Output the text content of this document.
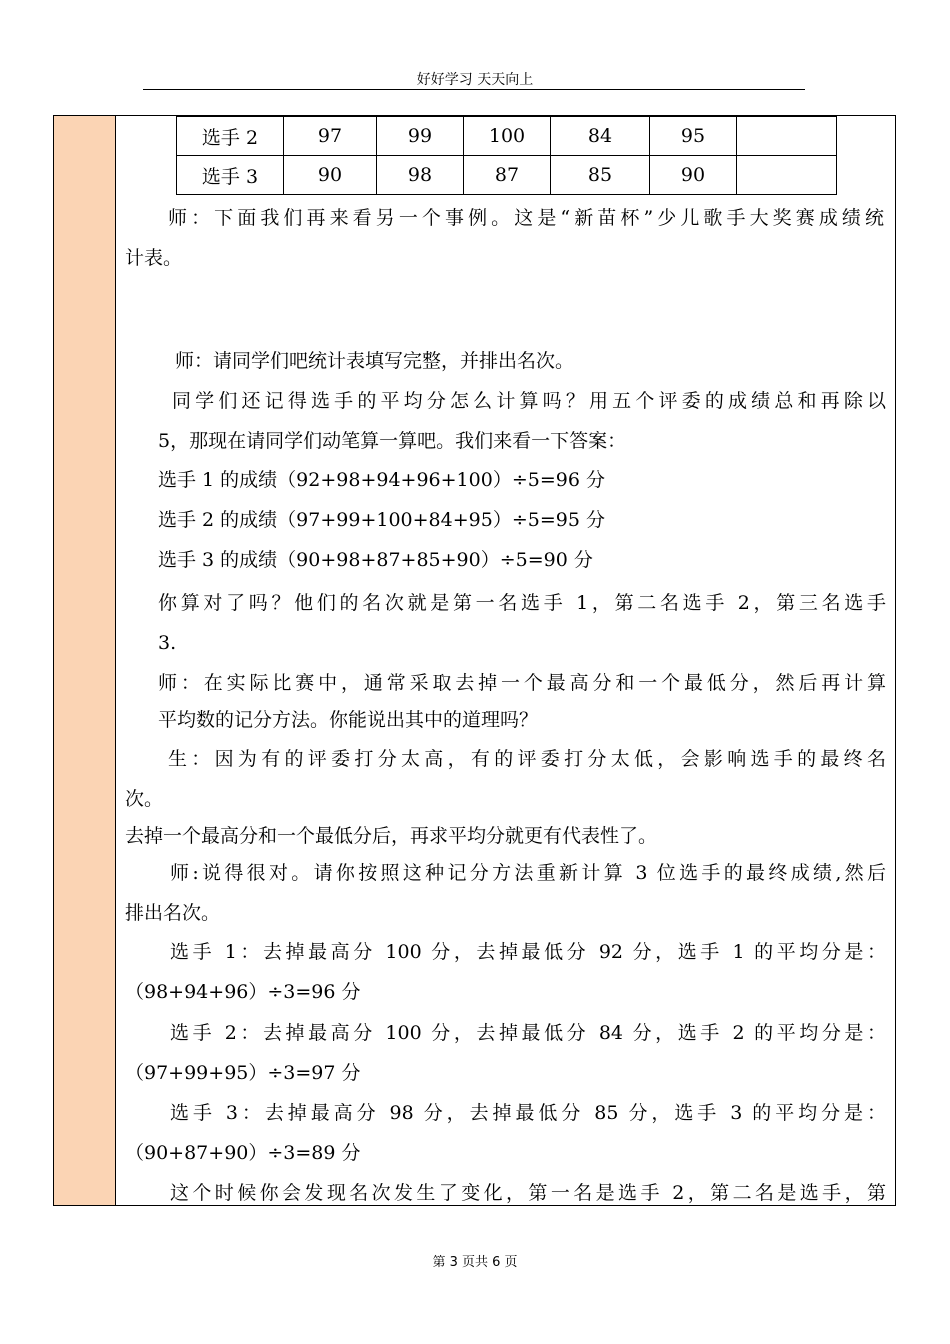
好好学习 天天向上
选手 2	97	99	100	84	95	
选手 3	90	98	87	85	90	
师：下面我们再来看另一个事例。这是“新苗杯”少儿歌手大奖赛成绩统
计表。
师：请同学们吧统计表填写完整，并排出名次。
同学们还记得选手的平均分怎么计算吗？用五个评委的成绩总和再除以
5，那现在请同学们动笔算一算吧。我们来看一下答案：
选手 1 的成绩（92+98+94+96+100）÷5=96 分
选手 2 的成绩（97+99+100+84+95）÷5=95 分
选手 3 的成绩（90+98+87+85+90）÷5=90 分
你算对了吗？他们的名次就是第一名选手 1，第二名选手 2，第三名选手
3.
师：在实际比赛中，通常采取去掉一个最高分和一个最低分，然后再计算
平均数的记分方法。你能说出其中的道理吗？
生：因为有的评委打分太高，有的评委打分太低，会影响选手的最终名
次。
去掉一个最高分和一个最低分后，再求平均分就更有代表性了。
师:说得很对。请你按照这种记分方法重新计算 3 位选手的最终成绩,然后
排出名次。
选手 1：去掉最高分 100 分，去掉最低分 92 分，选手 1 的平均分是：
（98+94+96）÷3=96 分
选手 2：去掉最高分 100 分，去掉最低分 84 分，选手 2 的平均分是：
（97+99+95）÷3=97 分
选手 3：去掉最高分 98 分，去掉最低分 85 分，选手 3 的平均分是：
（90+87+90）÷3=89 分
这个时候你会发现名次发生了变化，第一名是选手 2，第二名是选手，第
第 3 页共 6 页
